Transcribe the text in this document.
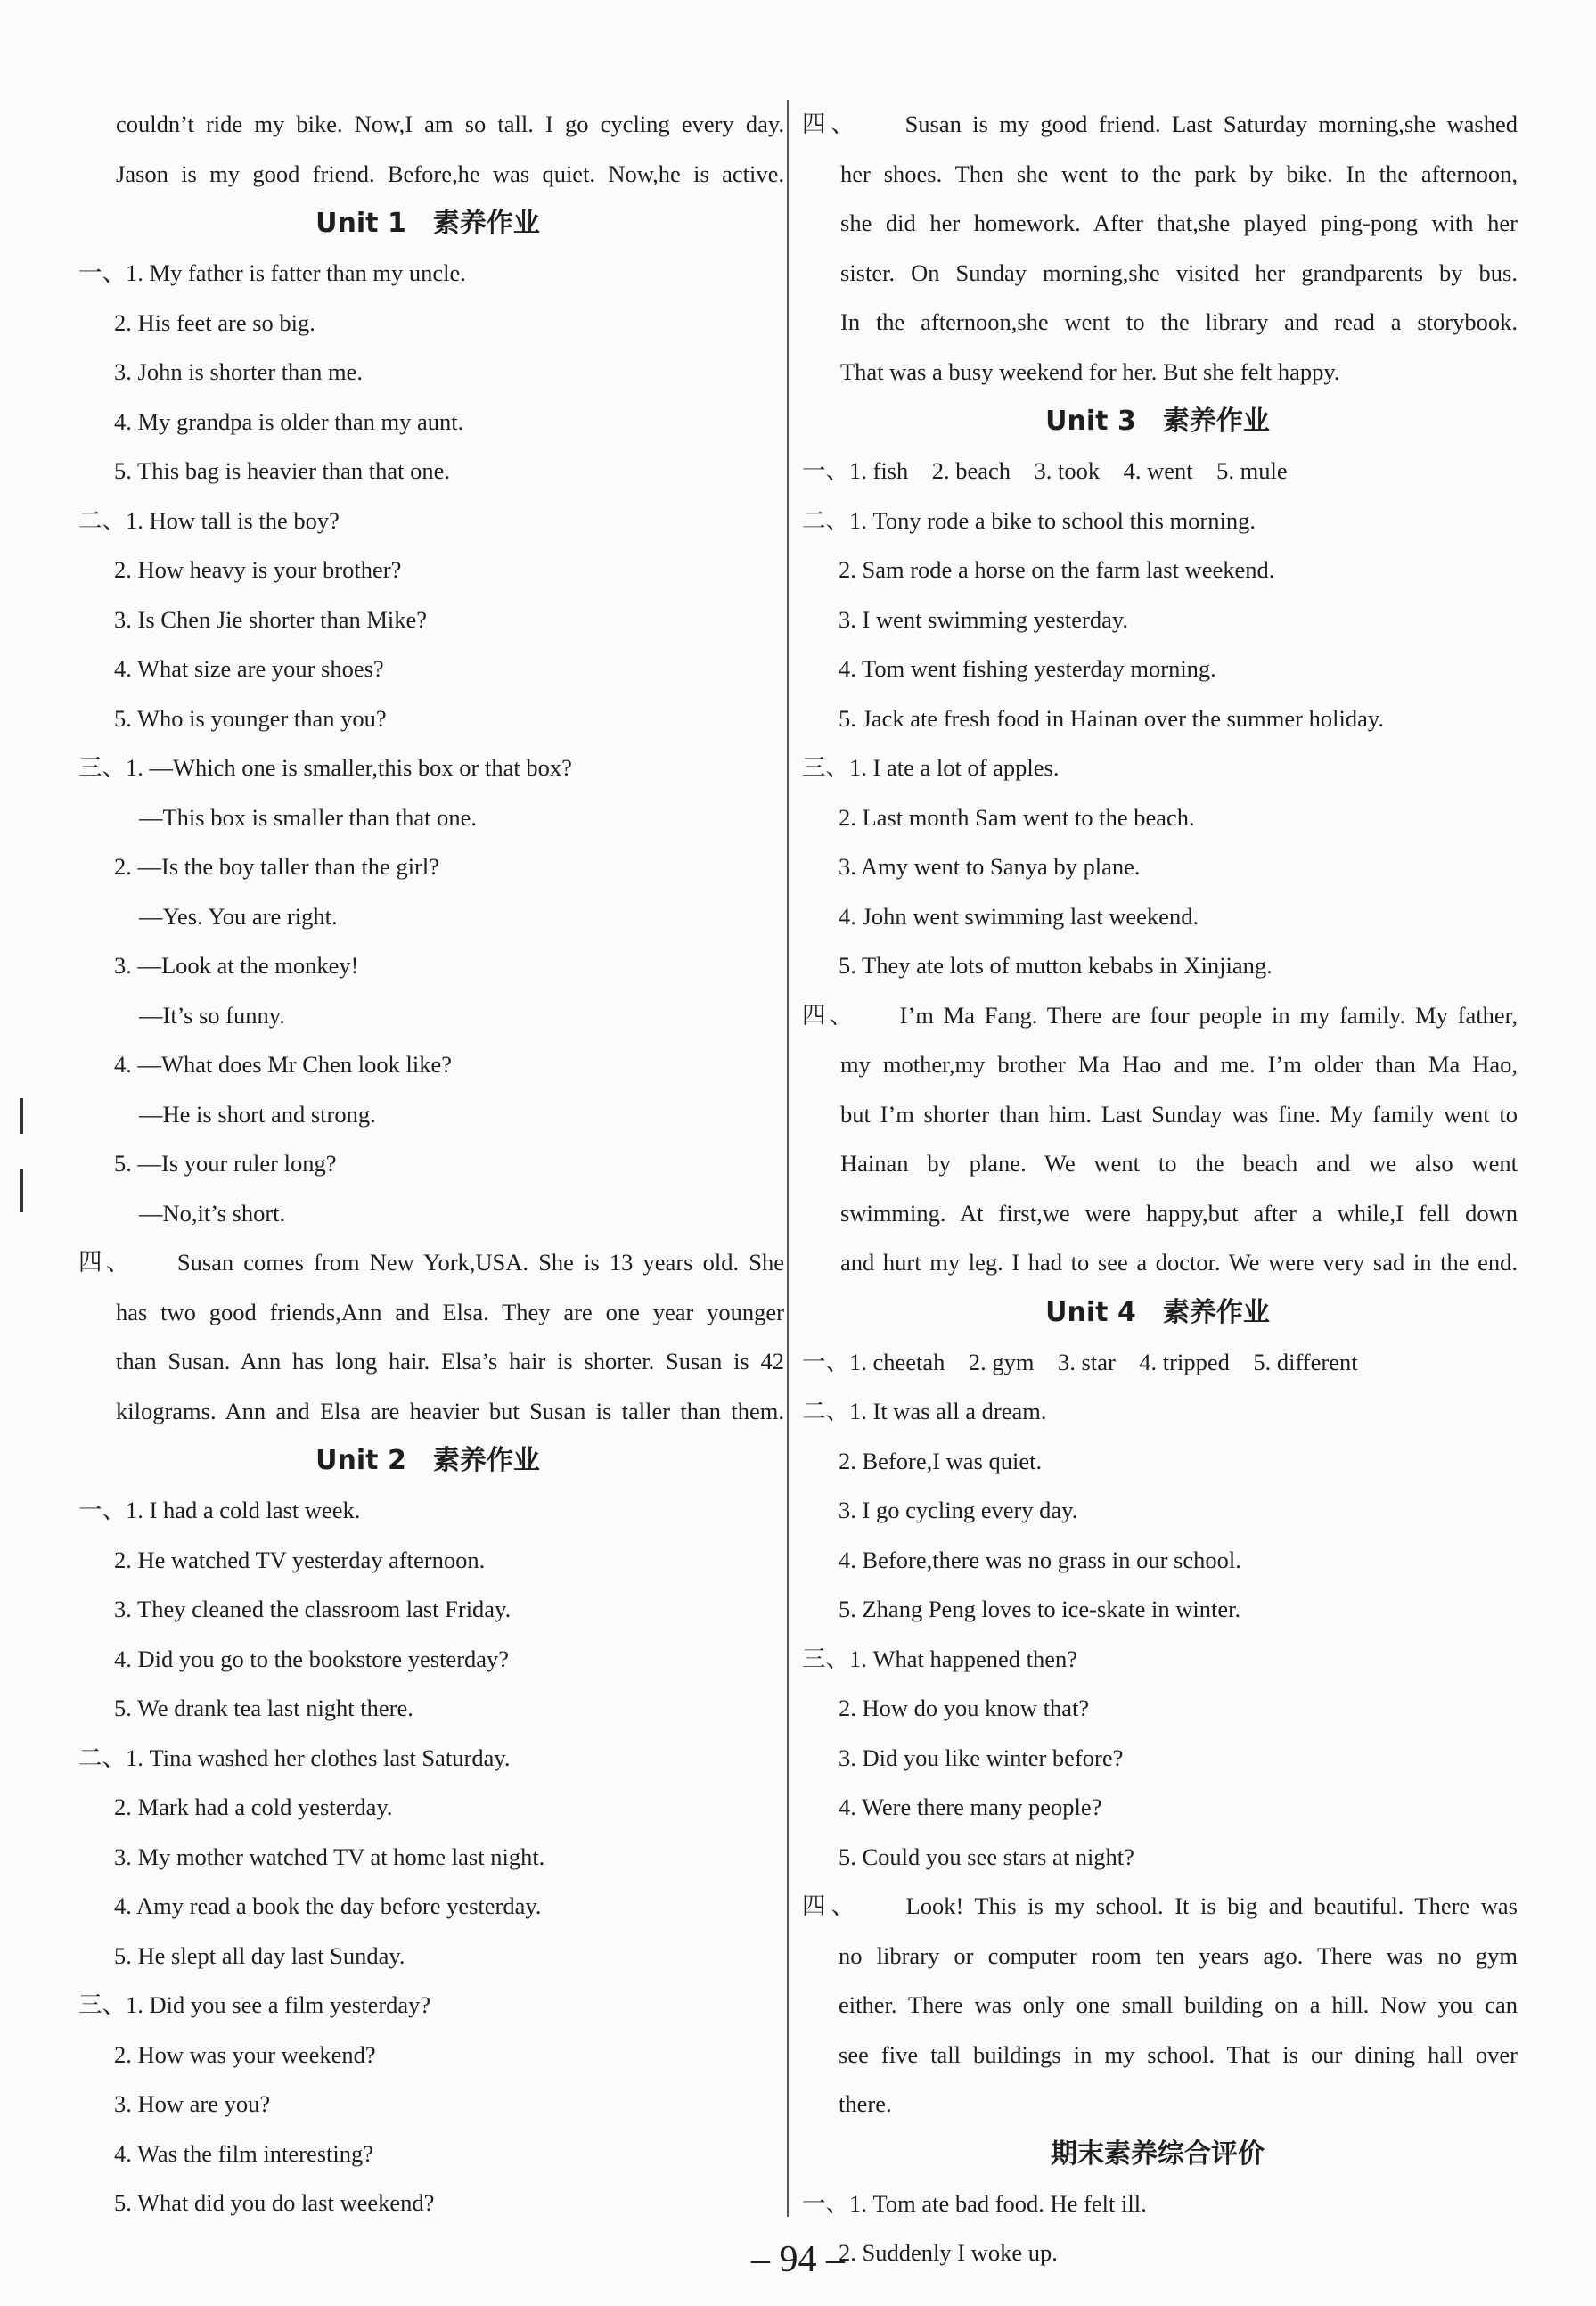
couldn’t ride my bike. Now,I am so tall. I go cycling every day.
Jason is my good friend. Before,he was quiet. Now,he is active.
Unit 1　素养作业
一、1. My father is fatter than my uncle.
2. His feet are so big.
3. John is shorter than me.
4. My grandpa is older than my aunt.
5. This bag is heavier than that one.
二、1. How tall is the boy?
2. How heavy is your brother?
3. Is Chen Jie shorter than Mike?
4. What size are your shoes?
5. Who is younger than you?
三、1. —Which one is smaller,this box or that box?
—This box is smaller than that one.
2. —Is the boy taller than the girl?
—Yes. You are right.
3. —Look at the monkey!
—It’s so funny.
4. —What does Mr Chen look like?
—He is short and strong.
5. —Is your ruler long?
—No,it’s short.
四、　　Susan comes from New York,USA. She is 13 years old. She
has two good friends,Ann and Elsa. They are one year younger
than Susan. Ann has long hair. Elsa’s hair is shorter. Susan is 42
kilograms. Ann and Elsa are heavier but Susan is taller than them.
Unit 2　素养作业
一、1. I had a cold last week.
2. He watched TV yesterday afternoon.
3. They cleaned the classroom last Friday.
4. Did you go to the bookstore yesterday?
5. We drank tea last night there.
二、1. Tina washed her clothes last Saturday.
2. Mark had a cold yesterday.
3. My mother watched TV at home last night.
4. Amy read a book the day before yesterday.
5. He slept all day last Sunday.
三、1. Did you see a film yesterday?
2. How was your weekend?
3. How are you?
4. Was the film interesting?
5. What did you do last weekend?
四、　　Susan is my good friend. Last Saturday morning,she washed
her shoes. Then she went to the park by bike. In the afternoon,
she did her homework. After that,she played ping-pong with her
sister. On Sunday morning,she visited her grandparents by bus.
In the afternoon,she went to the library and read a storybook.
That was a busy weekend for her. But she felt happy.
Unit 3　素养作业
一、1. fish　2. beach　3. took　4. went　5. mule
二、1. Tony rode a bike to school this morning.
2. Sam rode a horse on the farm last weekend.
3. I went swimming yesterday.
4. Tom went fishing yesterday morning.
5. Jack ate fresh food in Hainan over the summer holiday.
三、1. I ate a lot of apples.
2. Last month Sam went to the beach.
3. Amy went to Sanya by plane.
4. John went swimming last weekend.
5. They ate lots of mutton kebabs in Xinjiang.
四、　　I’m Ma Fang. There are four people in my family. My father,
my mother,my brother Ma Hao and me. I’m older than Ma Hao,
but I’m shorter than him. Last Sunday was fine. My family went to
Hainan by plane. We went to the beach and we also went
swimming. At first,we were happy,but after a while,I fell down
and hurt my leg. I had to see a doctor. We were very sad in the end.
Unit 4　素养作业
一、1. cheetah　2. gym　3. star　4. tripped　5. different
二、1. It was all a dream.
2. Before,I was quiet.
3. I go cycling every day.
4. Before,there was no grass in our school.
5. Zhang Peng loves to ice-skate in winter.
三、1. What happened then?
2. How do you know that?
3. Did you like winter before?
4. Were there many people?
5. Could you see stars at night?
四、　　Look! This is my school. It is big and beautiful. There was
no library or computer room ten years ago. There was no gym
either. There was only one small building on a hill. Now you can
see five tall buildings in my school. That is our dining hall over
there.
期末素养综合评价
一、1. Tom ate bad food. He felt ill.
2. Suddenly I woke up.
– 94 –
